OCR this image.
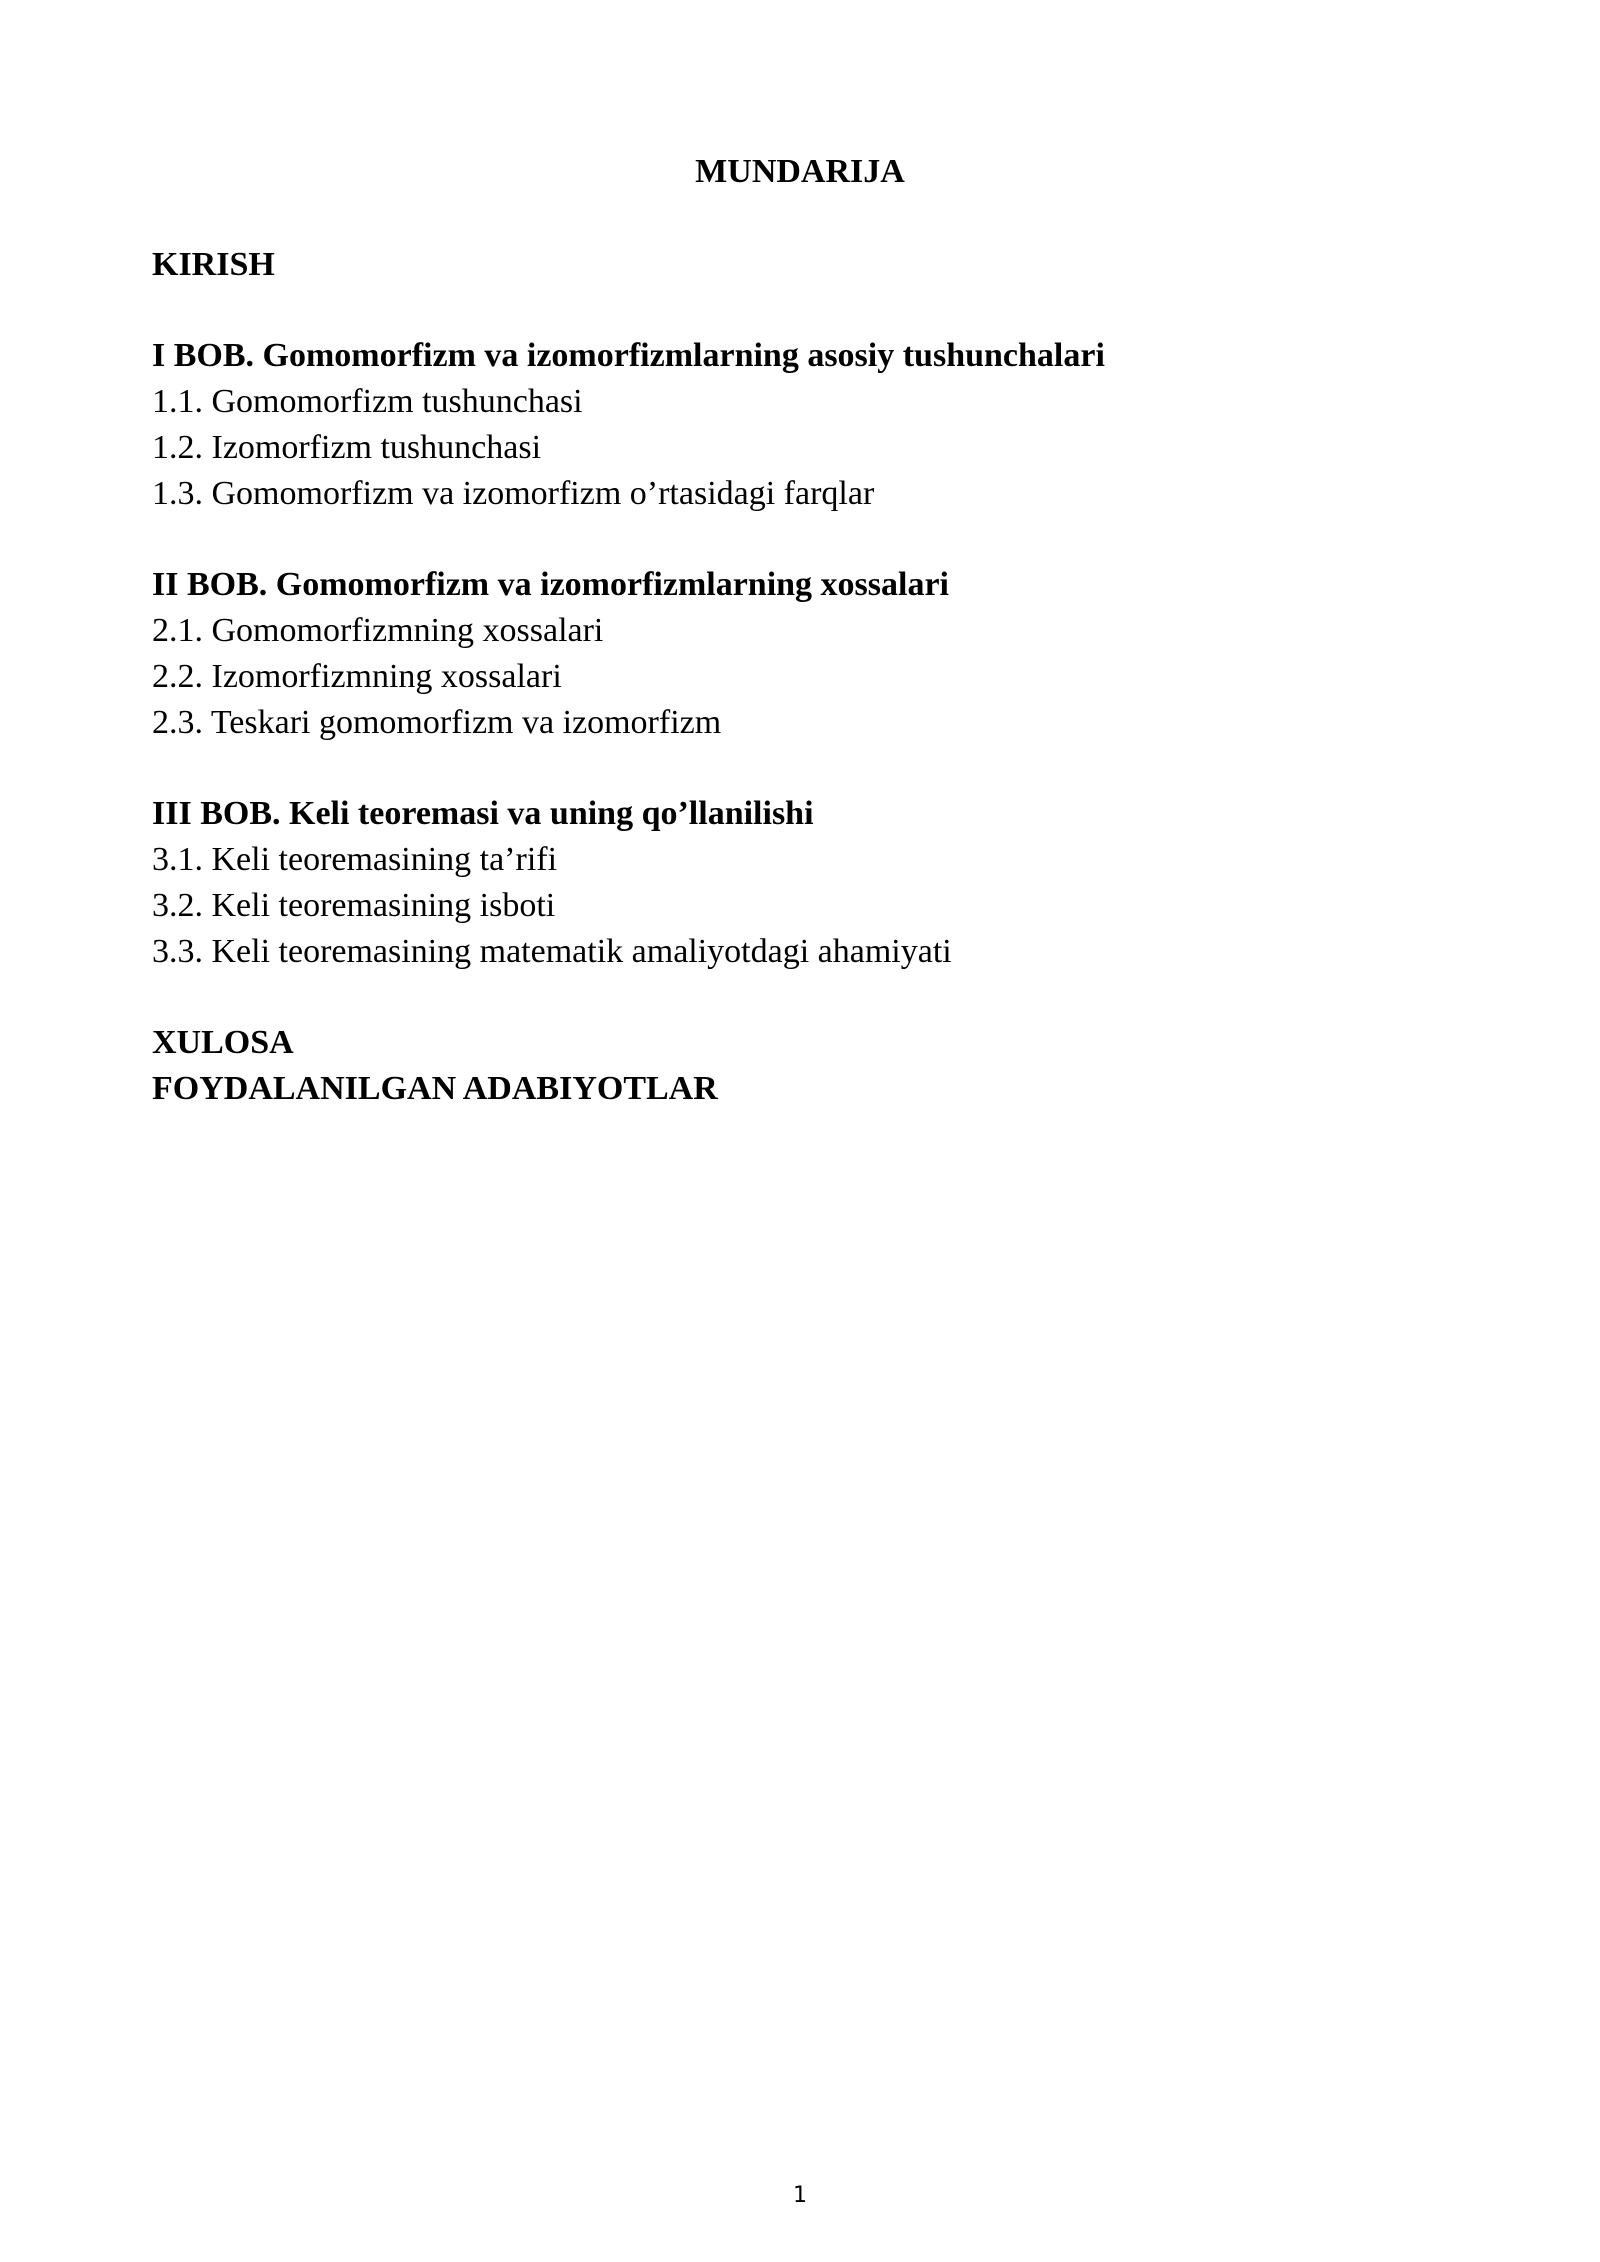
MUNDARIJA
KIRISH
I BOB. Gomomorfizm va izomorfizmlarning asosiy tushunchalari
1.1. Gomomorfizm tushunchasi
1.2. Izomorfizm tushunchasi
1.3. Gomomorfizm va izomorfizm o’rtasidagi farqlar
II BOB. Gomomorfizm va izomorfizmlarning xossalari
2.1. Gomomorfizmning xossalari
2.2. Izomorfizmning xossalari
2.3. Teskari gomomorfizm va izomorfizm
III BOB. Keli teoremasi va uning qo’llanilishi
3.1. Keli teoremasining ta’rifi
3.2. Keli teoremasining isboti
3.3. Keli teoremasining matematik amaliyotdagi ahamiyati
XULOSA
FOYDALANILGAN ADABIYOTLAR
1
